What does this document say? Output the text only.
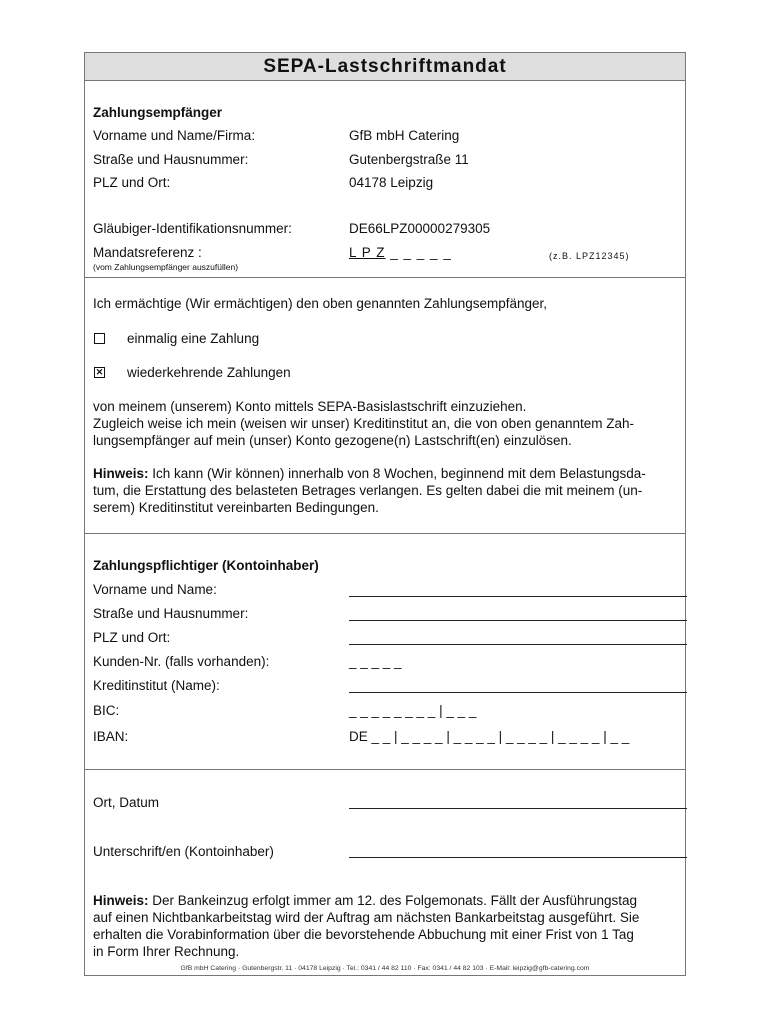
SEPA-Lastschriftmandat
Zahlungsempfänger
Vorname und Name/Firma:	GfB mbH Catering
Straße und Hausnummer:	Gutenbergstraße 11
PLZ und Ort:	04178 Leipzig
Gläubiger-Identifikationsnummer:	DE66LPZ00000279305
Mandatsreferenz :
(vom Zahlungsempfänger auszufüllen)
L P Z _ _ _ _ _	(z.B. LPZ12345)
Ich ermächtige (Wir ermächtigen) den oben genannten Zahlungsempfänger,
einmalig eine Zahlung
✕ wiederkehrende Zahlungen
von meinem (unserem) Konto mittels SEPA-Basislastschrift einzuziehen.
Zugleich weise ich mein (weisen wir unser) Kreditinstitut an, die von oben genanntem Zah-
lungsempfänger auf mein (unser) Konto gezogene(n) Lastschrift(en) einzulösen.
Hinweis: Ich kann (Wir können) innerhalb von 8 Wochen, beginnend mit dem Belastungsda-
tum, die Erstattung des belasteten Betrages verlangen. Es gelten dabei die mit meinem (un-
serem) Kreditinstitut vereinbarten Bedingungen.
Zahlungspflichtiger (Kontoinhaber)
Vorname und Name:
Straße und Hausnummer:
PLZ und Ort:
Kunden-Nr. (falls vorhanden):	_ _ _ _ _
Kreditinstitut (Name):
BIC:	_ _ _ _ _ _ _ _ | _ _ _
IBAN:	DE _ _ | _ _ _ _ | _ _ _ _ | _ _ _ _ | _ _ _ _ | _ _
Ort, Datum
Unterschrift/en (Kontoinhaber)
Hinweis: Der Bankeinzug erfolgt immer am 12. des Folgemonats. Fällt der Ausführungstag
auf einen Nichtbankarbeitstag wird der Auftrag am nächsten Bankarbeitstag ausgeführt. Sie
erhalten die Vorabinformation über die bevorstehende Abbuchung mit einer Frist von 1 Tag
in Form Ihrer Rechnung.
GfB mbH Catering · Gutenbergstr. 11 · 04178 Leipzig · Tel.: 0341 / 44 82 110 · Fax: 0341 / 44 82 103 · E-Mail: leipzig@gfb-catering.com
